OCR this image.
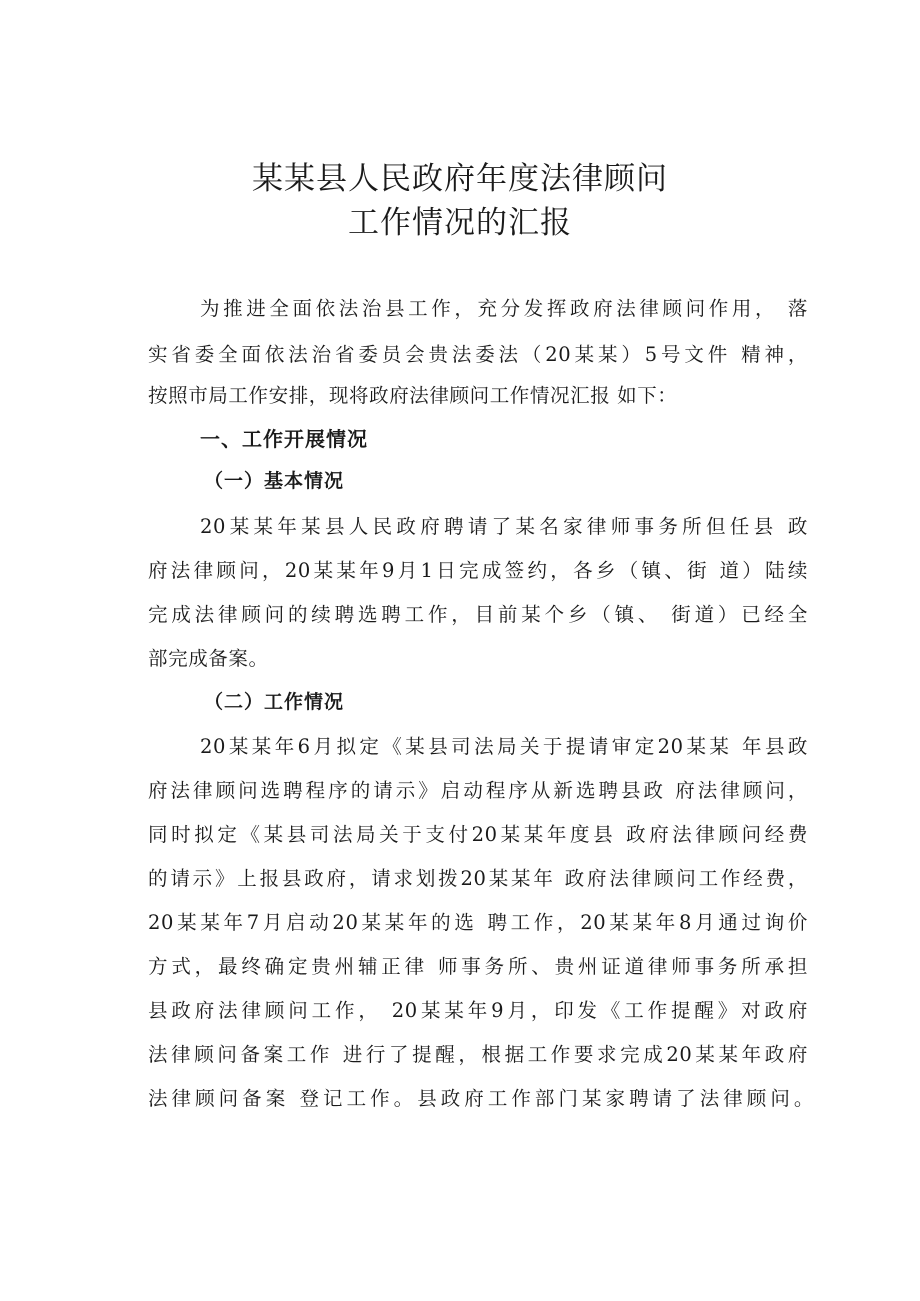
某某县人民政府年度法律顾问
工作情况的汇报
为推进全面依法治县工作，充分发挥政府法律顾问作用， 落
实省委全面依法治省委员会贵法委法（20某某）5号文件 精神，
按照市局工作安排，现将政府法律顾问工作情况汇报 如下：
一、工作开展情况
（一）基本情况
20某某年某县人民政府聘请了某名家律师事务所但任县 政
府法律顾问，20某某年9月1日完成签约，各乡（镇、街 道）陆续
完成法律顾问的续聘选聘工作，目前某个乡（镇、 街道）已经全
部完成备案。
（二）工作情况
20某某年6月拟定《某县司法局关于提请审定20某某 年县政
府法律顾问选聘程序的请示》启动程序从新选聘县政 府法律顾问，
同时拟定《某县司法局关于支付20某某年度县 政府法律顾问经费
的请示》上报县政府，请求划拨20某某年 政府法律顾问工作经费，
20某某年7月启动20某某年的选 聘工作，20某某年8月通过询价
方式，最终确定贵州辅正律 师事务所、贵州证道律师事务所承担
县政府法律顾问工作， 20某某年9月，印发《工作提醒》对政府
法律顾问备案工作 进行了提醒，根据工作要求完成20某某年政府
法律顾问备案 登记工作。县政府工作部门某家聘请了法律顾问。
